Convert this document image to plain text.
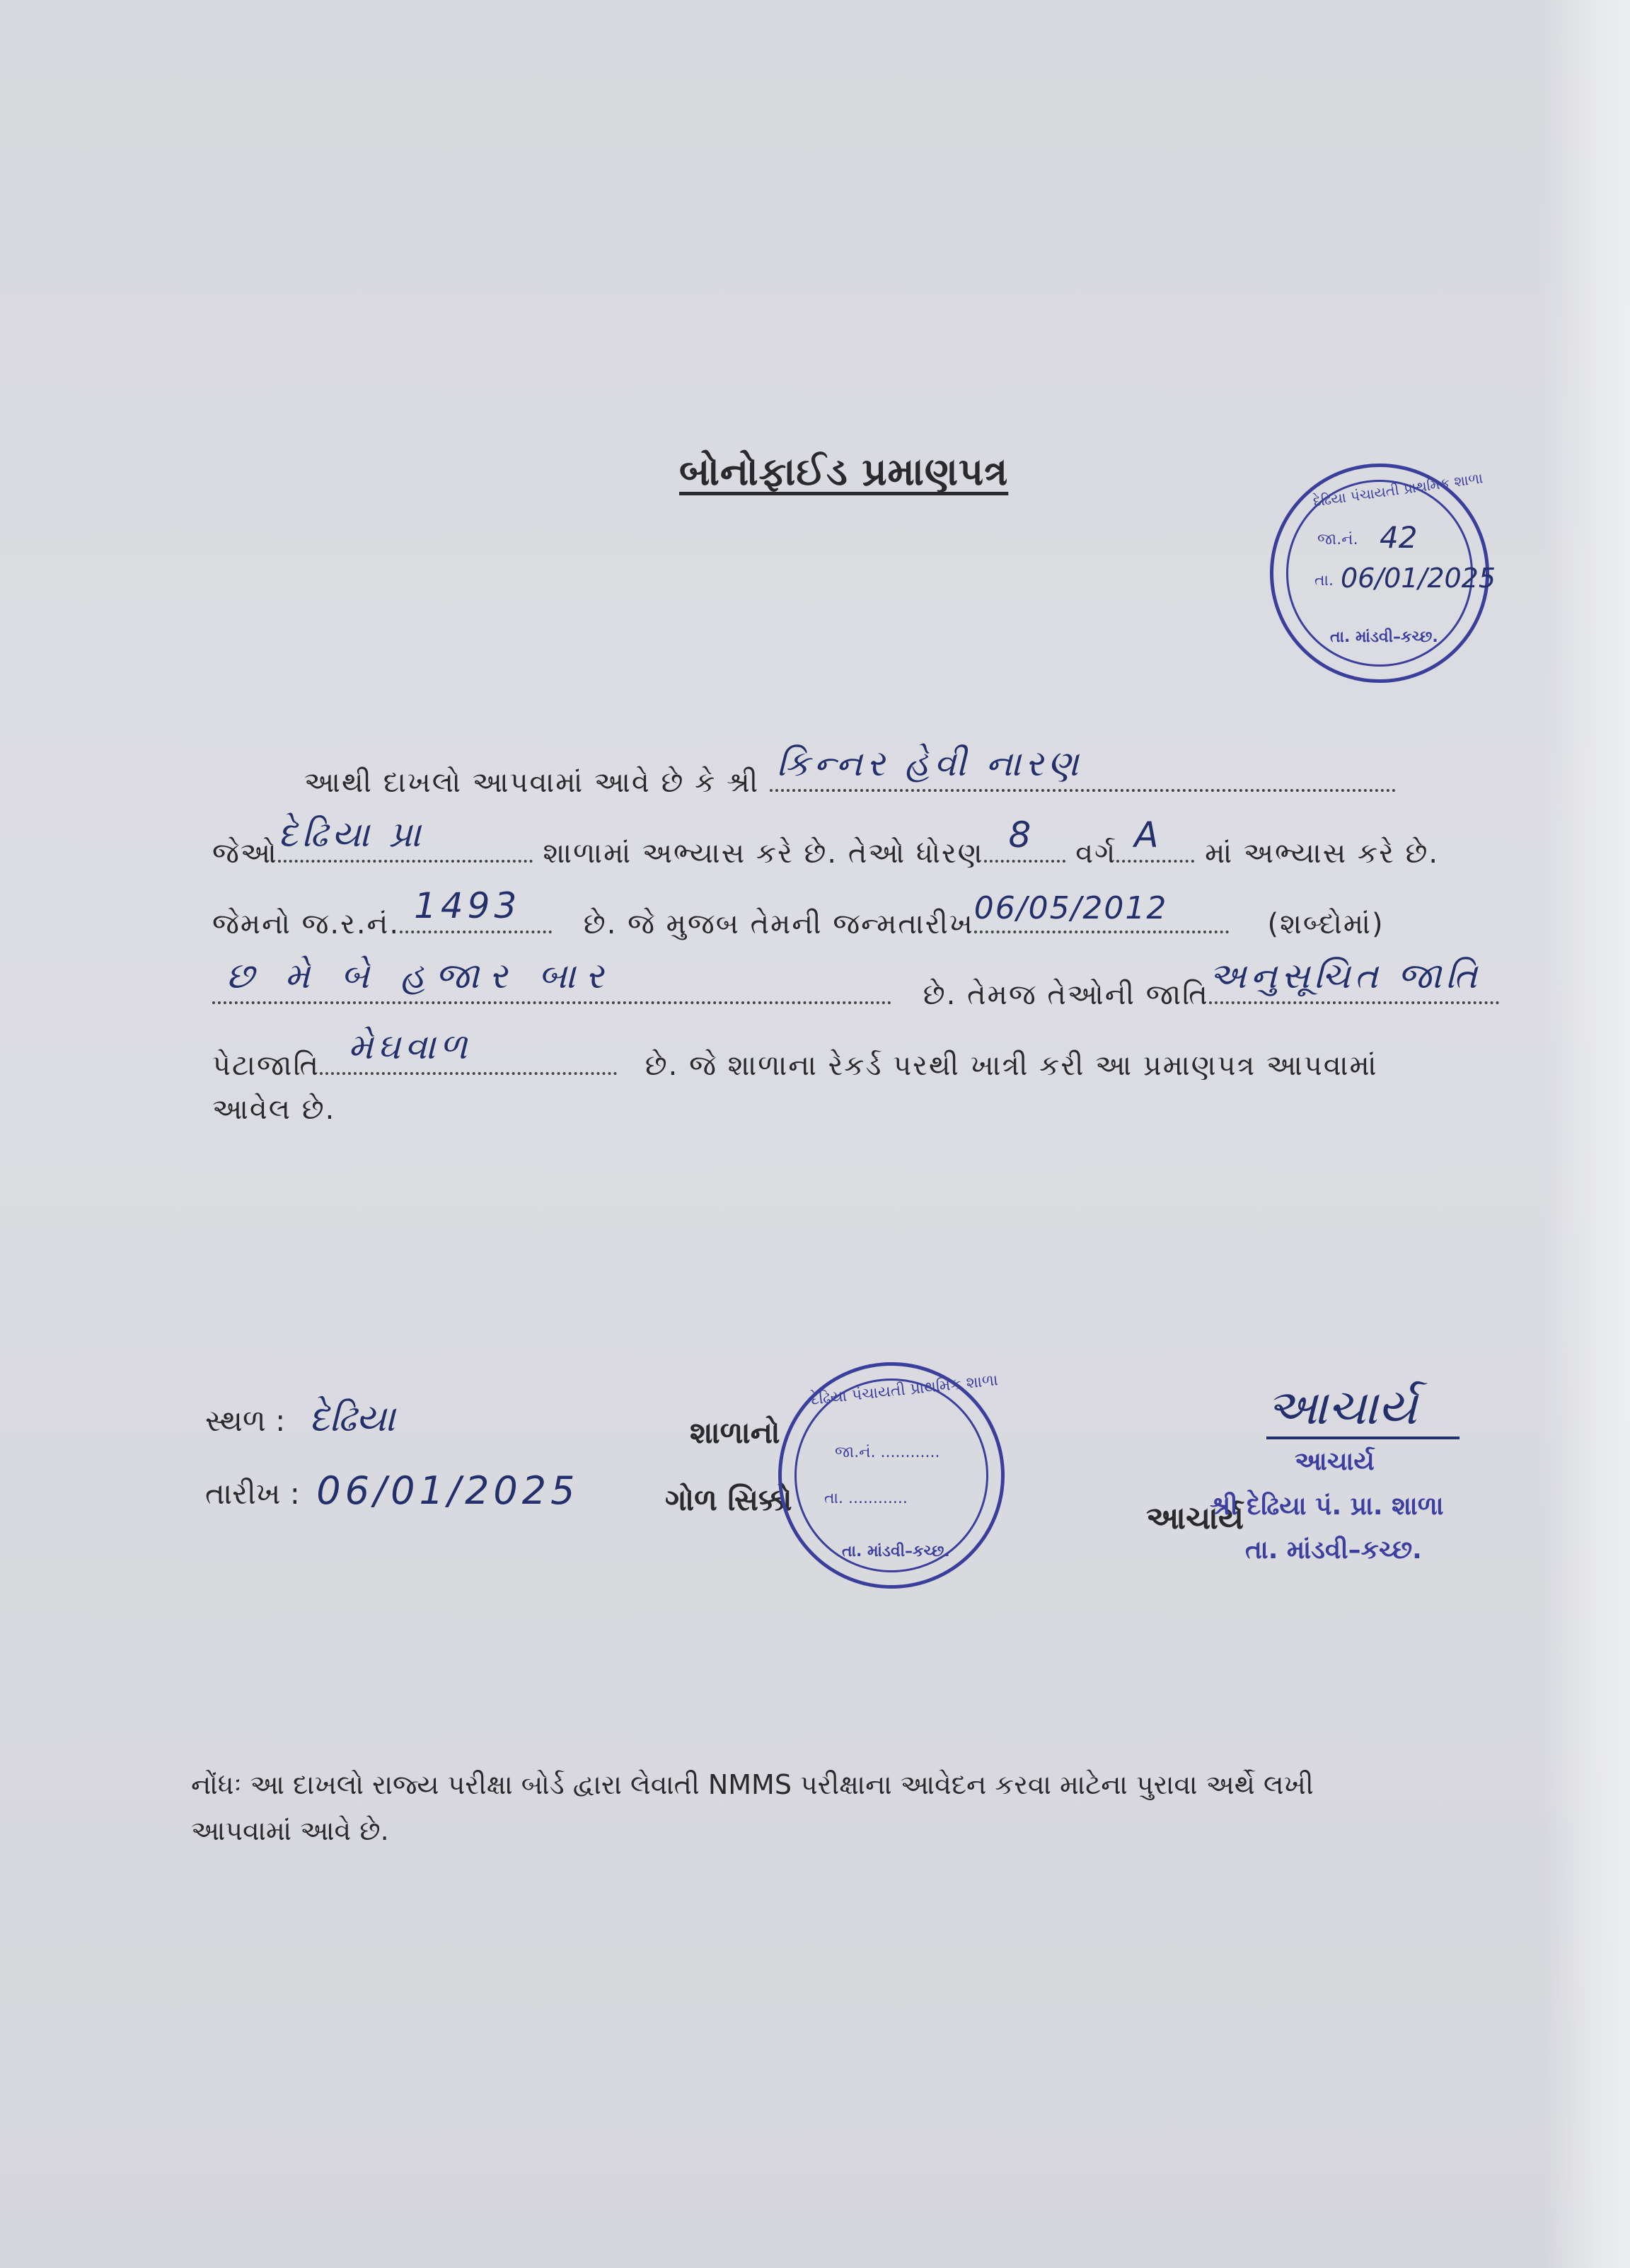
બોનોફાઈડ પ્રમાણપત્ર	દેઢિયા પંચાયતી પ્રાથમિક શાળા
જા.નં. 42
તા. 06/01/2025
તા. માંડવી–કચ્છ.
આથી દાખલો આપવામાં આવે છે કે શ્રી કિન્નર હેવી નારણ
જેઓ દેઢિયા પ્રા	શાળામાં અભ્યાસ કરે છે. તેઓ ધોરણ 8 વર્ગ A માં અભ્યાસ કરે છે.
જેમનો જ.ર.નં. 1493 છે. જે મુજબ તેમની જન્મતારીખ 06/05/2012	(શબ્દોમાં)
છ મે બે હજાર બાર	છે. તેમજ તેઓની જાતિ અનુસૂચિત જાતિ
પેટાજાતિ મેઘવાળ	છે. જે શાળાના રેકર્ડ પરથી ખાત્રી કરી આ પ્રમાણપત્ર આપવામાં
આવેલ છે.
સ્થળ : દેઢિયા
તારીખ : 06/01/2025
શાળાનો
ગોળ સિક્કો
દેઢિયા પંચાયતી પ્રાથમિક શાળા
જા.નં. ............
તા. ............
તા. માંડવી–કચ્છ.
આચાર્ય
આચાર્ય
આચાર્ય
શ્રી દેઢિયા પં. પ્રા. શાળા
તા. માંડવી–કચ્છ.
નોંધઃ આ દાખલો રાજ્ય પરીક્ષા બોર્ડ દ્વારા લેવાતી NMMS પરીક્ષાના આવેદન કરવા માટેના પુરાવા અર્થે લખી
આપવામાં આવે છે.
